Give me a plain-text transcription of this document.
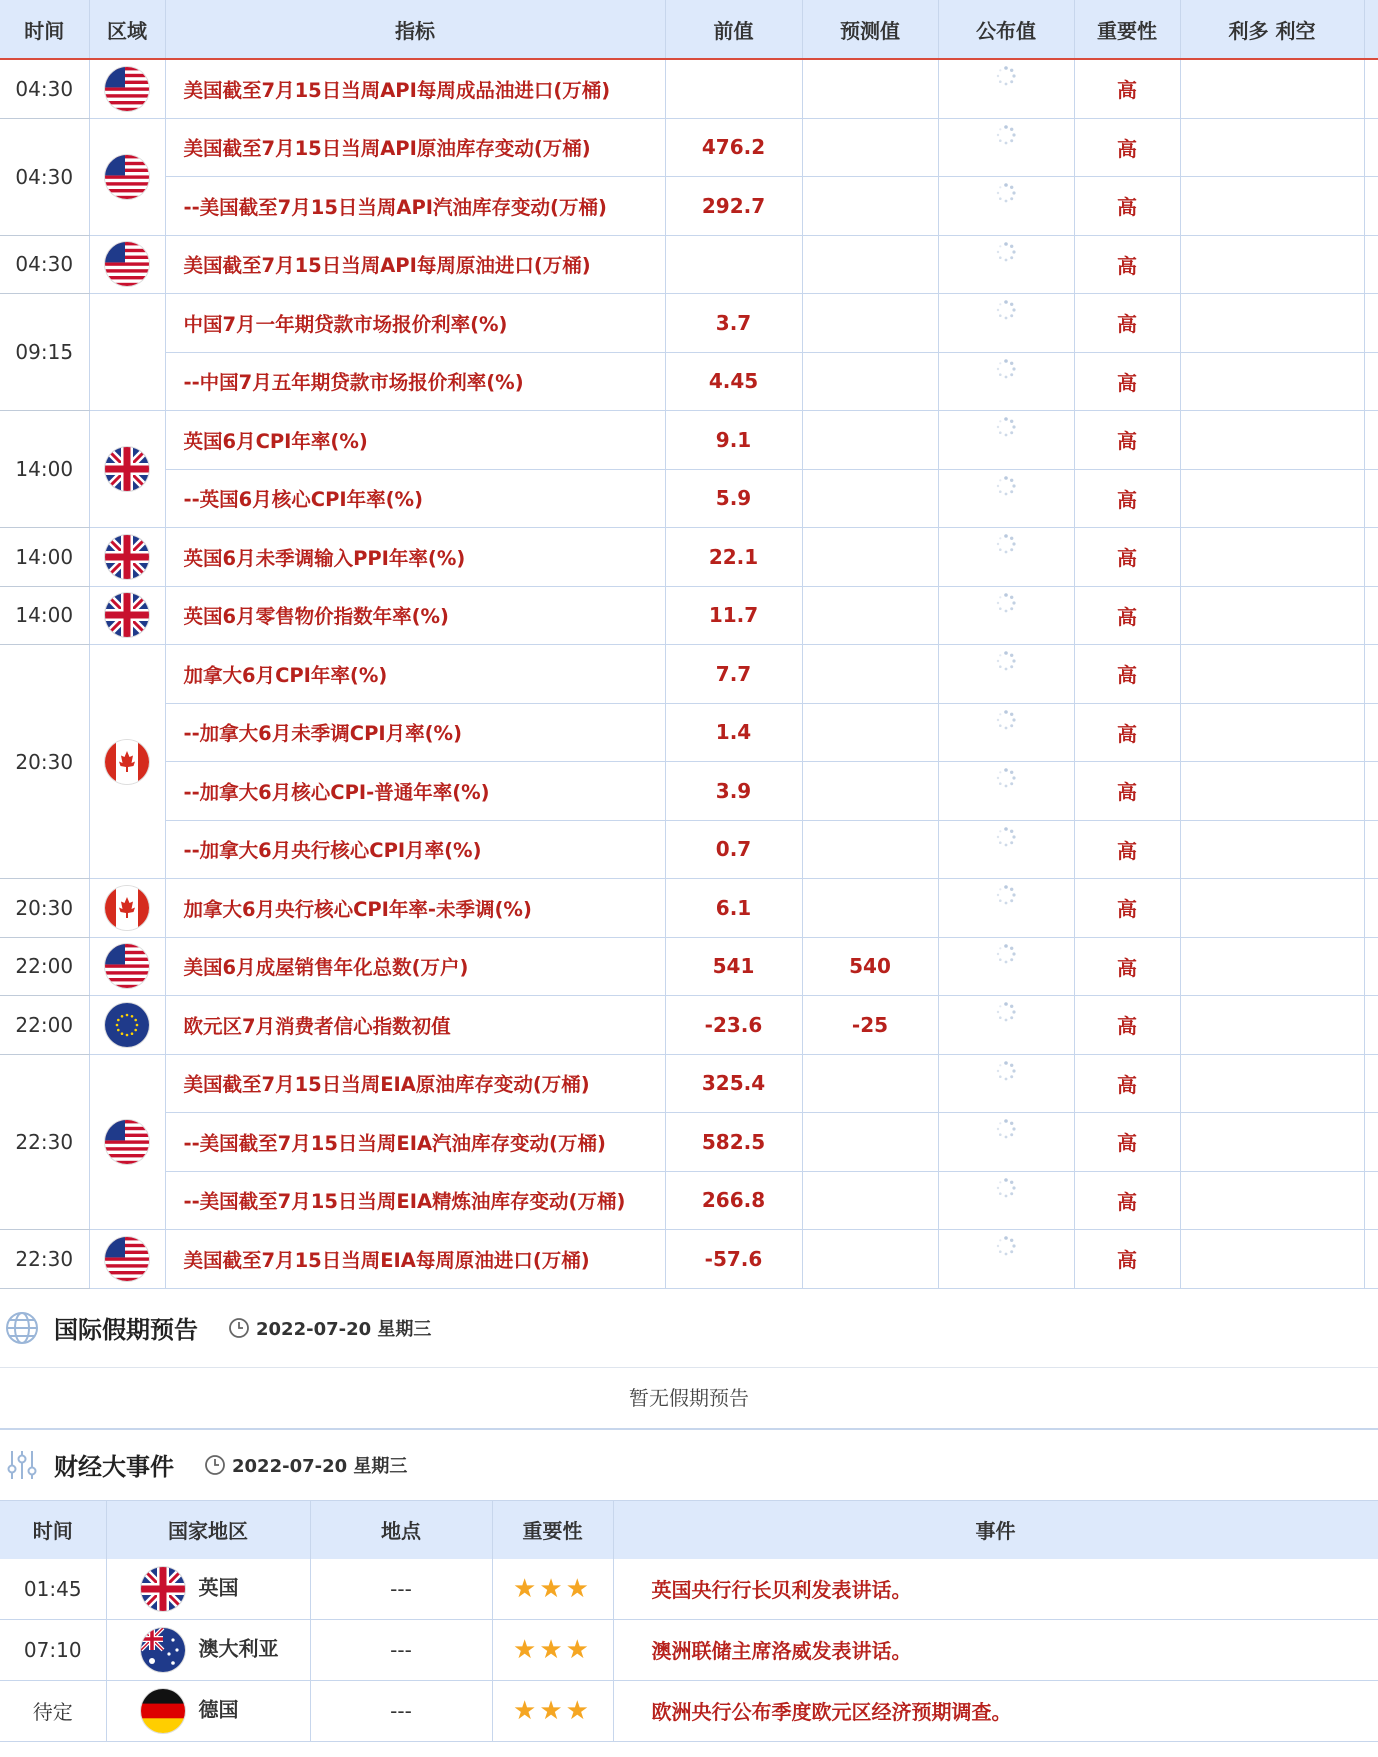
时间	区域	指标	前值	预测值	公布值	重要性	利多 利空	
04:30		美国截至7月15日当周API每周成品油进口(万桶)				高		
04:30		美国截至7月15日当周API原油库存变动(万桶)	476.2			高		
		--美国截至7月15日当周API汽油库存变动(万桶)	292.7			高		
04:30		美国截至7月15日当周API每周原油进口(万桶)				高		
09:15		中国7月一年期贷款市场报价利率(%)	3.7			高		
		--中国7月五年期贷款市场报价利率(%)	4.45			高		
14:00		英国6月CPI年率(%)	9.1			高		
		--英国6月核心CPI年率(%)	5.9			高		
14:00		英国6月未季调输入PPI年率(%)	22.1			高		
14:00		英国6月零售物价指数年率(%)	11.7			高		
20:30		加拿大6月CPI年率(%)	7.7			高		
		--加拿大6月未季调CPI月率(%)	1.4			高		
		--加拿大6月核心CPI-普通年率(%)	3.9			高		
		--加拿大6月央行核心CPI月率(%)	0.7			高		
20:30		加拿大6月央行核心CPI年率-未季调(%)	6.1			高		
22:00		美国6月成屋销售年化总数(万户)	541	540		高		
22:00		欧元区7月消费者信心指数初值	-23.6	-25		高		
22:30		美国截至7月15日当周EIA原油库存变动(万桶)	325.4			高		
		--美国截至7月15日当周EIA汽油库存变动(万桶)	582.5			高		
		--美国截至7月15日当周EIA精炼油库存变动(万桶)	266.8			高		
22:30		美国截至7月15日当周EIA每周原油进口(万桶)	-57.6			高		
国际假期预告	2022-07-20 星期三
暂无假期预告
财经大事件	2022-07-20 星期三
时间	国家地区	地点	重要性	事件
01:45	英国	---	★★★	英国央行行长贝利发表讲话。
07:10	澳大利亚	---	★★★	澳洲联储主席洛威发表讲话。
待定	德国	---	★★★	欧洲央行公布季度欧元区经济预期调查。
